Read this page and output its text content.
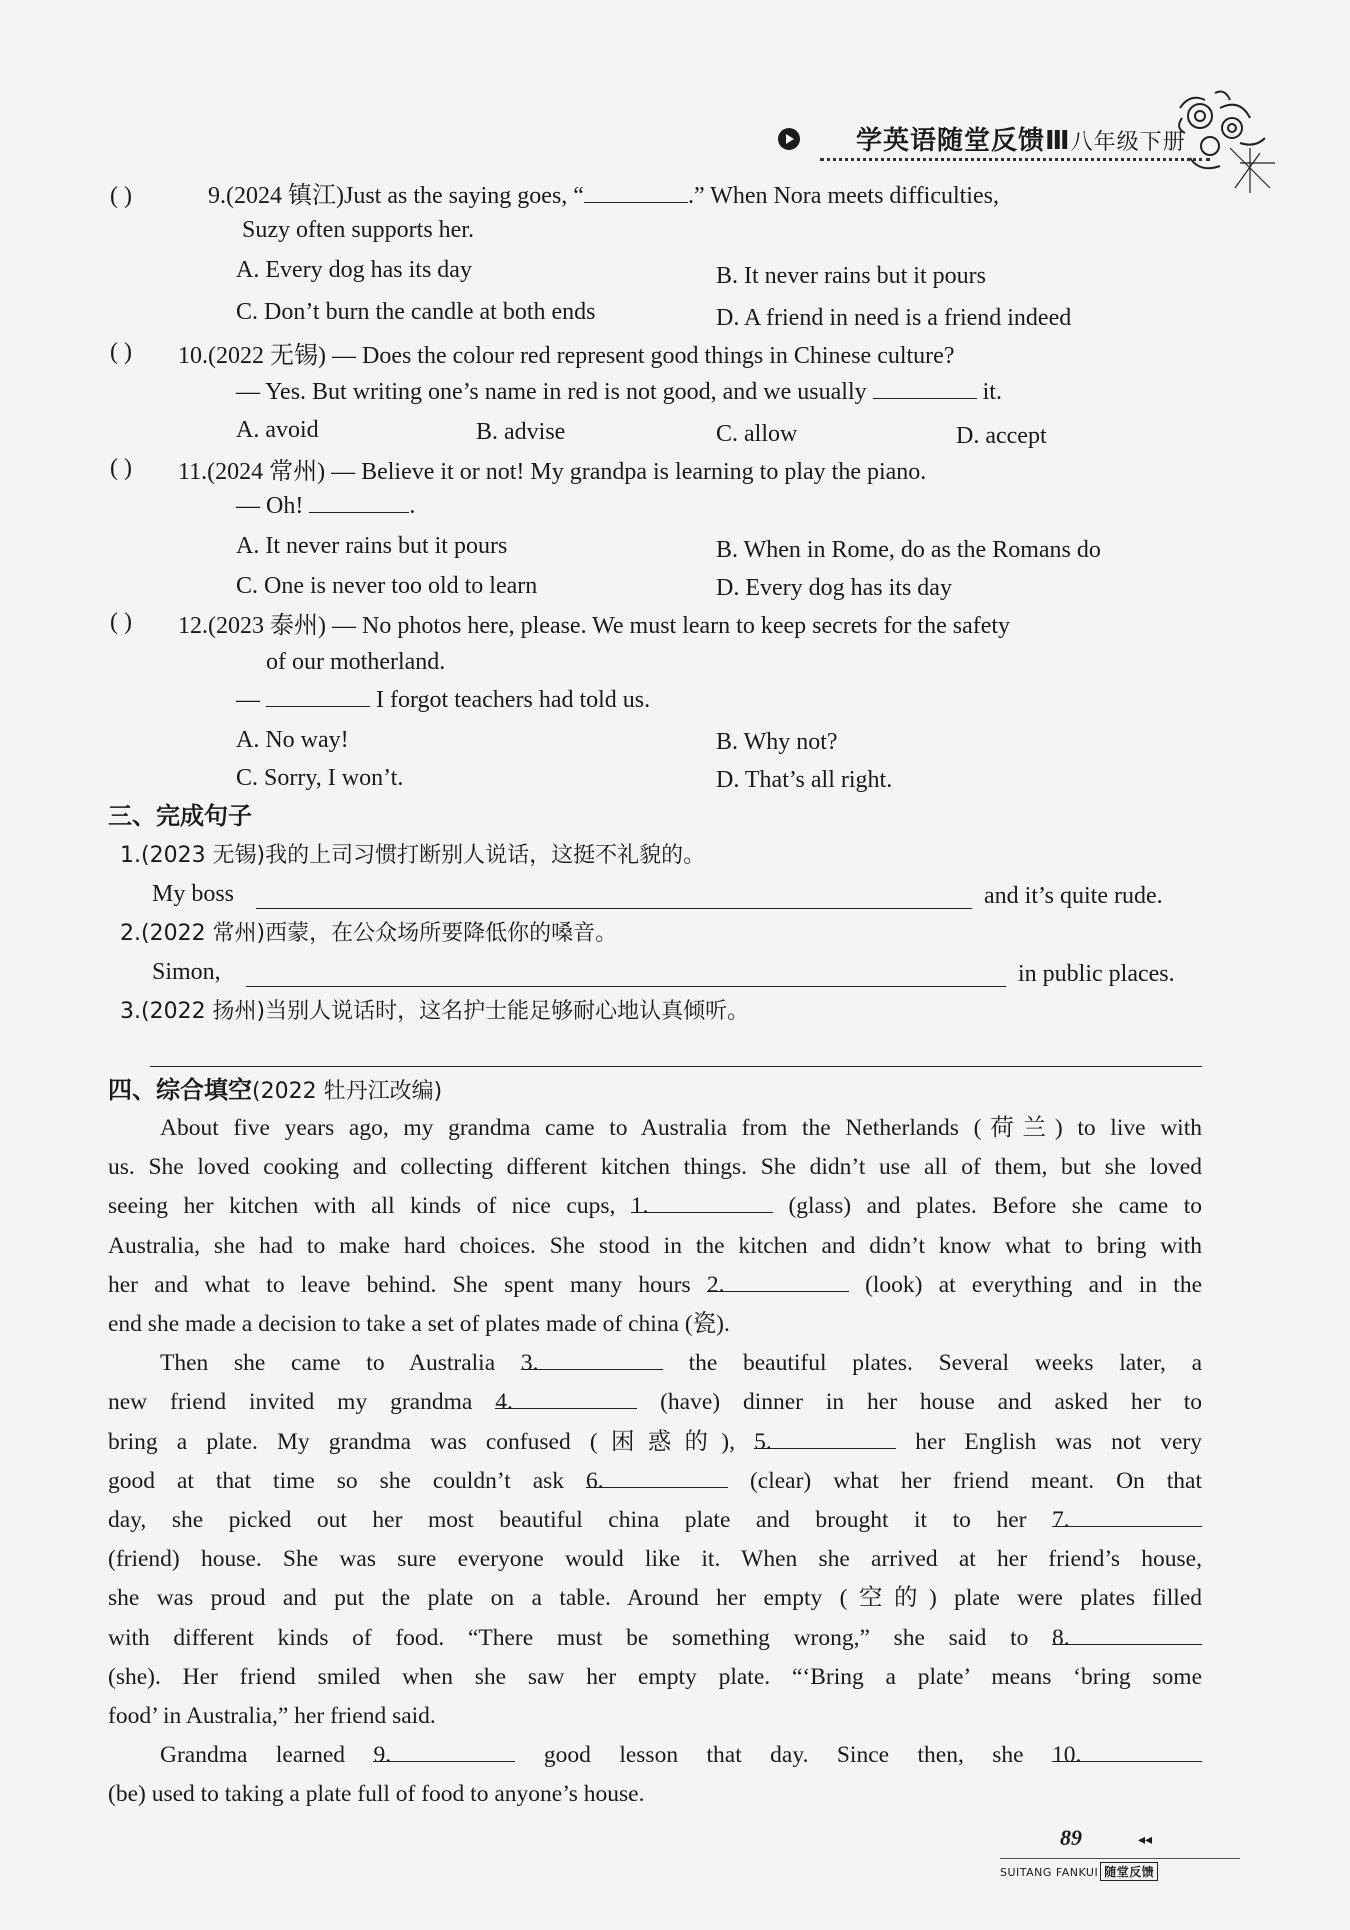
学英语随堂反馈Ⅲ八年级下册
( )	9.(2024 镇江)Just as the saying goes, “	.” When Nora meets difficulties,
Suzy often supports her.
A. Every dog has its day	B. It never rains but it pours
C. Don’t burn the candle at both ends	D. A friend in need is a friend indeed
( ) 10.(2022 无锡) — Does the colour red represent good things in Chinese culture?
— Yes. But writing one’s name in red is not good, and we usually	it.
A. avoid	B. advise	C. allow	D. accept
( ) 11.(2024 常州) — Believe it or not! My grandpa is learning to play the piano.
— Oh!	.
A. It never rains but it pours	B. When in Rome, do as the Romans do
C. One is never too old to learn	D. Every dog has its day
( ) 12.(2023 泰州) — No photos here, please. We must learn to keep secrets for the safety
of our motherland.
—	I forgot teachers had told us.
A. No way!	B. Why not?
C. Sorry, I won’t.	D. That’s all right.
三、完成句子
1.(2023 无锡)我的上司习惯打断别人说话，这挺不礼貌的。
My boss	and it’s quite rude.
2.(2022 常州)西蒙，在公众场所要降低你的嗓音。
Simon,	in public places.
3.(2022 扬州)当别人说话时，这名护士能足够耐心地认真倾听。
四、综合填空(2022 牡丹江改编)
About five years ago, my grandma came to Australia from the Netherlands (荷兰) to live with
us. She loved cooking and collecting different kitchen things. She didn’t use all of them, but she loved
seeing her kitchen with all kinds of nice cups, 1.	(glass) and plates. Before she came to
Australia, she had to make hard choices. She stood in the kitchen and didn’t know what to bring with
her and what to leave behind. She spent many hours 2.	(look) at everything and in the
end she made a decision to take a set of plates made of china (瓷).
Then she came to Australia 3.	the beautiful plates. Several weeks later, a
new friend invited my grandma 4.	(have) dinner in her house and asked her to
bring a plate. My grandma was confused (困惑的), 5.	her English was not very
good at that time so she couldn’t ask 6.	(clear) what her friend meant. On that
day, she picked out her most beautiful china plate and brought it to her 7.
(friend) house. She was sure everyone would like it. When she arrived at her friend’s house,
she was proud and put the plate on a table. Around her empty (空的) plate were plates filled
with different kinds of food. “There must be something wrong,” she said to 8.
(she). Her friend smiled when she saw her empty plate. “‘Bring a plate’ means ‘bring some
food’ in Australia,” her friend said.
Grandma learned 9.	good lesson that day. Since then, she 10.
(be) used to taking a plate full of food to anyone’s house.
89	◂◂
SUITANG FANKUI 随堂反馈
